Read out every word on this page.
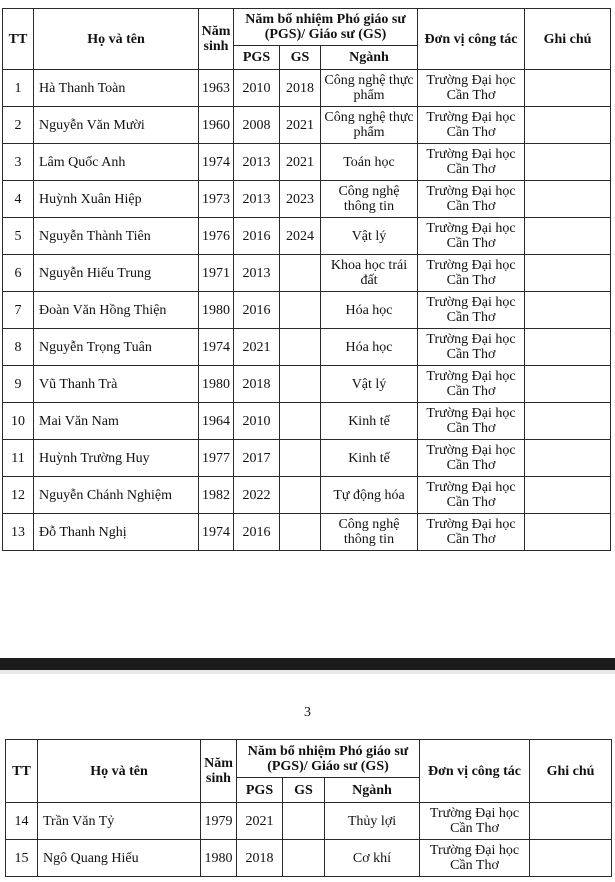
TT	Họ và tên	Năm sinh	Năm bổ nhiệm Phó giáo sư (PGS)/ Giáo sư (GS)			Đơn vị công tác	Ghi chú
			PGS	GS	Ngành		
1	Hà Thanh Toàn	1963	2010	2018	Công nghệ thực phẩm	Trường Đại học Cần Thơ	
2	Nguyễn Văn Mười	1960	2008	2021	Công nghệ thực phẩm	Trường Đại học Cần Thơ	
3	Lâm Quốc Anh	1974	2013	2021	Toán học	Trường Đại học Cần Thơ	
4	Huỳnh Xuân Hiệp	1973	2013	2023	Công nghệ thông tin	Trường Đại học Cần Thơ	
5	Nguyễn Thành Tiên	1976	2016	2024	Vật lý	Trường Đại học Cần Thơ	
6	Nguyễn Hiếu Trung	1971	2013		Khoa học trái đất	Trường Đại học Cần Thơ	
7	Đoàn Văn Hồng Thiện	1980	2016		Hóa học	Trường Đại học Cần Thơ	
8	Nguyễn Trọng Tuân	1974	2021		Hóa học	Trường Đại học Cần Thơ	
9	Vũ Thanh Trà	1980	2018		Vật lý	Trường Đại học Cần Thơ	
10	Mai Văn Nam	1964	2010		Kinh tế	Trường Đại học Cần Thơ	
11	Huỳnh Trường Huy	1977	2017		Kinh tế	Trường Đại học Cần Thơ	
12	Nguyễn Chánh Nghiệm	1982	2022		Tự động hóa	Trường Đại học Cần Thơ	
13	Đỗ Thanh Nghị	1974	2016		Công nghệ thông tin	Trường Đại học Cần Thơ	
3
TT	Họ và tên	Năm sinh	Năm bổ nhiệm Phó giáo sư (PGS)/ Giáo sư (GS)			Đơn vị công tác	Ghi chú
			PGS	GS	Ngành		
14	Trần Văn Tỷ	1979	2021		Thủy lợi	Trường Đại học Cần Thơ	
15	Ngô Quang Hiếu	1980	2018		Cơ khí	Trường Đại học Cần Thơ	
